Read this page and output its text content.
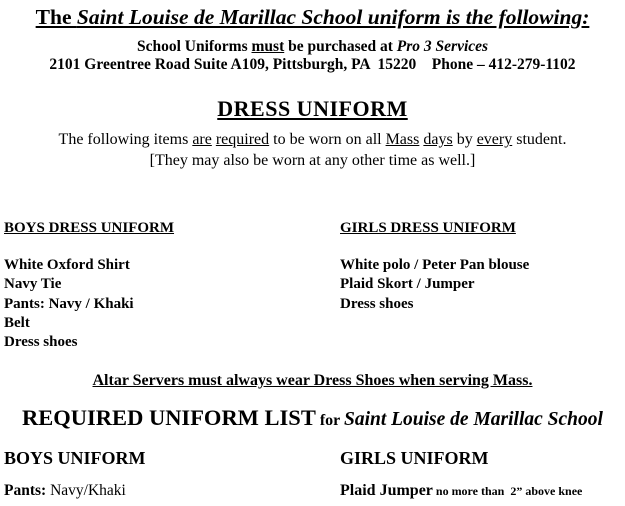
The Saint Louise de Marillac School uniform is the following:
School Uniforms must be purchased at Pro 3 Services
2101 Greentree Road Suite A109, Pittsburgh, PA  15220    Phone – 412-279-1102
DRESS UNIFORM
The following items are required to be worn on all Mass days by every student.
[They may also be worn at any other time as well.]
BOYS DRESS UNIFORM
White Oxford Shirt
Navy Tie
Pants: Navy / Khaki
Belt
Dress shoes
GIRLS DRESS UNIFORM
White polo / Peter Pan blouse
Plaid Skort / Jumper
Dress shoes
Altar Servers must always wear Dress Shoes when serving Mass.
REQUIRED UNIFORM LIST for Saint Louise de Marillac School
BOYS UNIFORM
Pants: Navy/Khaki
GIRLS UNIFORM
Plaid Jumper no more than  2” above knee
